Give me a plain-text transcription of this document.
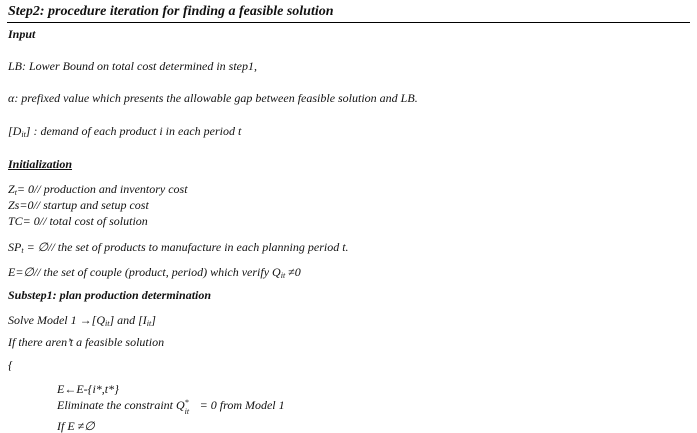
Step2: procedure iteration for finding a feasible solution
Input
LB: Lower Bound on total cost determined in step1,
α: prefixed value which presents the allowable gap between feasible solution and LB.
$[D_{it}]$ : demand of each product i in each period t
Initialization
$Z_t= 0//$ production and inventory cost
Zs=0// startup and setup cost
TC= 0// total cost of solution
$SP_t$ = ∅// the set of products to manufacture in each planning period t.
E=∅// the set of couple (product, period) which verify $Q_{it} \ne 0$
Substep1: plan production determination
Solve Model $1 \to[Q_{it}]$ and $[I_{it}]$
If there aren’t a feasible solution
{
E←E-{i*,t*}
Eliminate the constraint Q *
it = 0 from Model 1
If E ≠∅
